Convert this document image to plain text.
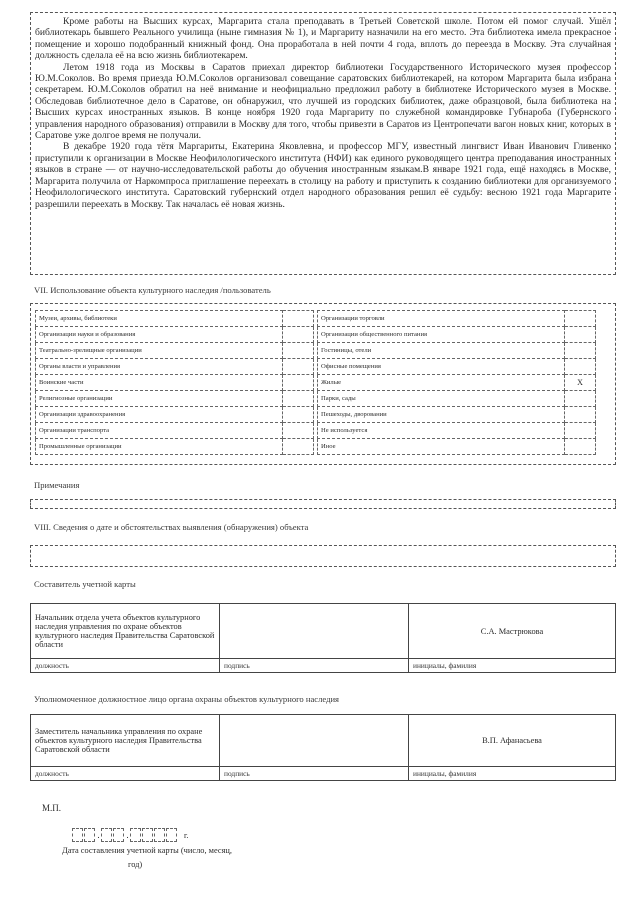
Кроме работы на Высших курсах, Маргарита стала преподавать в Третьей Советской школе. Потом ей помог случай. Ушёл библиотекарь бывшего Реального училища (ныне гимназия № 1), и Маргариту назначили на его место. Эта библиотека имела прекрасное помещение и хорошо подобранный книжный фонд. Она проработала в ней почти 4 года, вплоть до переезда в Москву. Эта случайная должность сделала её на всю жизнь библиотекарем.

Летом 1918 года из Москвы в Саратов приехал директор библиотеки Государственного Исторического музея профессор Ю.М.Соколов. Во время приезда Ю.М.Соколов организовал совещание саратовских библиотекарей, на котором Маргарита была избрана секретарем. Ю.М.Соколов обратил на неё внимание и неофициально предложил работу в библиотеке Исторического музея в Москве. Обследовав библиотечное дело в Саратове, он обнаружил, что лучшей из городских библиотек, даже образцовой, была библиотека на Высших курсах иностранных языков. В конце ноября 1920 года Маргариту по служебной командировке Губнароба (Губернского управления народного образования) отправили в Москву для того, чтобы привезти в Саратов из Центропечати вагон новых книг, которых в Саратове уже долгое время не получали.

В декабре 1920 года тётя Маргариты, Екатерина Яковлевна, и профессор МГУ, известный лингвист Иван Иванович Гливенко приступили к организации в Москве Неофилологического института (НФИ) как единого руководящего центра преподавания иностранных языков в стране — от научно-исследовательской работы до обучения иностранным языкам.В январе 1921 года, ещё находясь в Москве, Маргарита получила от Наркомпроса приглашение переехать в столицу на работу и приступить к созданию библиотеки для организуемого Неофилологического института. Саратовский губернский отдел народного образования решил её судьбу: весною 1921 года Маргарите разрешили переехать в Москву. Так началась её новая жизнь.

VII. Использование объекта культурного наследия /пользователь
Музеи, архивы, библиотеки	
Организации науки и образования	
Театрально-зрелищные организации	
Органы власти и управления	
Воинские части	
Религиозные организации	
Организации здравоохранения	
Организации транспорта	
Промышленные организации	
Организации торговли	
Организации общественного питания	
Гостиницы, отели	
Офисные помещения	
Жилые	Х
Парки, сады	
Пешеходы, дворовании	
Не используется	
Иное	
Примечания
VIII. Сведения о дате и обстоятельствах выявления (обнаружения) объекта
Составитель учетной карты
Начальник отдела учета объектов культурного наследия управления по охране объектов культурного наследия Правительства Саратовской области		С.А. Мастрюкова
должность	подпись	инициалы, фамилия
Уполномоченное должностное лицо органа охраны объектов культурного наследия
Заместитель начальника управления по охране объектов культурного наследия Правительства Саратовской области		В.П. Афанасьева
должность	подпись	инициалы, фамилия
М.П.
.	.	г.
Дата составления учетной карты (число, месяц,
год)
